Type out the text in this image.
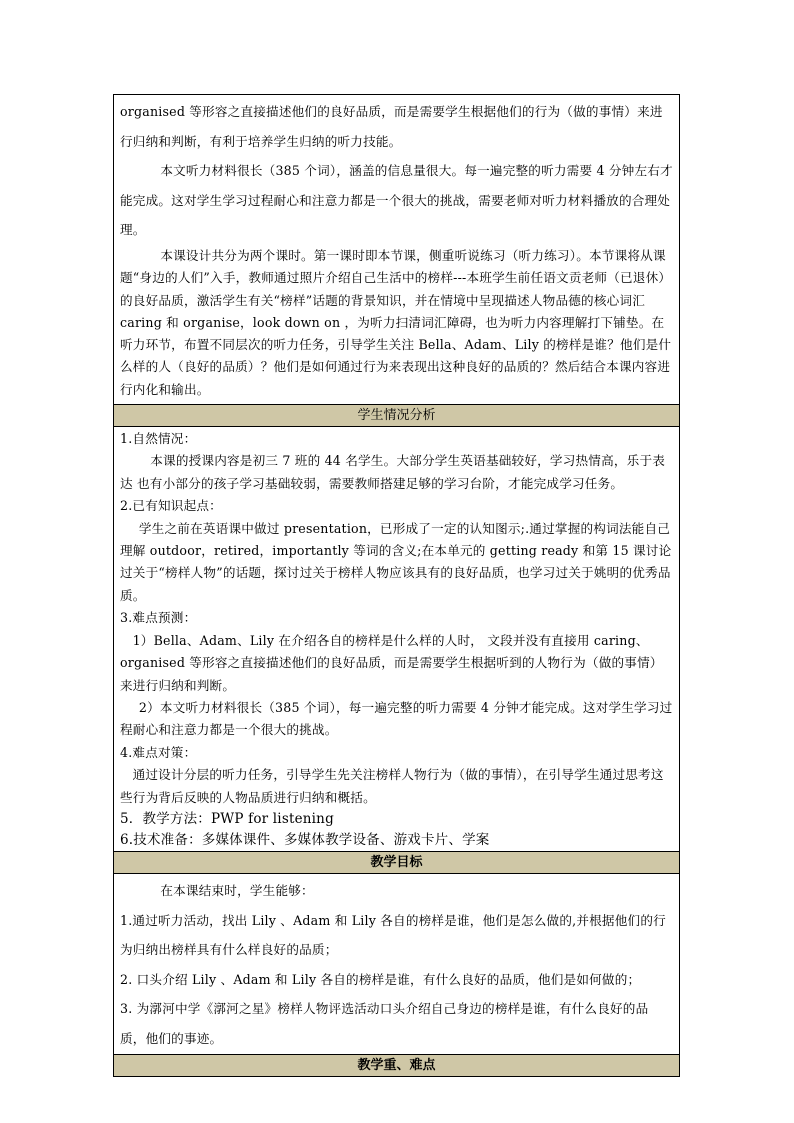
organised 等形容之直接描述他们的良好品质，而是需要学生根据他们的行为（做的事情）来进行归纳和判断，有利于培养学生归纳的听力技能。

本文听力材料很长（385 个词），涵盖的信息量很大。每一遍完整的听力需要 4 分钟左右才能完成。这对学生学习过程耐心和注意力都是一个很大的挑战，需要老师对听力材料播放的合理处理。

本课设计共分为两个课时。第一课时即本节课，侧重听说练习（听力练习）。本节课将从课题“身边的人们”入手，教师通过照片介绍自己生活中的榜样---本班学生前任语文贡老师（已退休）的良好品质，激活学生有关“榜样”话题的背景知识，并在情境中呈现描述人物品德的核心词汇 caring 和 organise，look down on ，为听力扫清词汇障碍，也为听力内容理解打下铺垫。在听力环节，布置不同层次的听力任务，引导学生关注 Bella、Adam、Lily 的榜样是谁？他们是什么样的人（良好的品质）？他们是如何通过行为来表现出这种良好的品质的？然后结合本课内容进行内化和输出。

学生情况分析

1.自然情况：

本课的授课内容是初三 7 班的 44 名学生。大部分学生英语基础较好，学习热情高，乐于表达 也有小部分的孩子学习基础较弱，需要教师搭建足够的学习台阶，才能完成学习任务。

2.已有知识起点：

学生之前在英语课中做过 presentation，已形成了一定的认知图示;.通过掌握的构词法能自己理解 outdoor，retired，importantly 等词的含义;在本单元的 getting ready 和第 15 课讨论过关于“榜样人物”的话题，探讨过关于榜样人物应该具有的良好品质，也学习过关于姚明的优秀品质。

3.难点预测：

1）Bella、Adam、Lily 在介绍各自的榜样是什么样的人时， 文段并没有直接用 caring、organised 等形容之直接描述他们的良好品质，而是需要学生根据听到的人物行为（做的事情）来进行归纳和判断。

2）本文听力材料很长（385 个词），每一遍完整的听力需要 4 分钟才能完成。这对学生学习过程耐心和注意力都是一个很大的挑战。

4.难点对策：

通过设计分层的听力任务，引导学生先关注榜样人物行为（做的事情），在引导学生通过思考这些行为背后反映的人物品质进行归纳和概括。

5．教学方法：PWP for listening

6.技术准备：多媒体课件、多媒体教学设备、游戏卡片、学案

教学目标

在本课结束时，学生能够：

1.通过听力活动，找出 Lily 、Adam 和 Lily 各自的榜样是谁，他们是怎么做的,并根据他们的行为归纳出榜样具有什么样良好的品质；

2. 口头介绍 Lily 、Adam 和 Lily 各自的榜样是谁，有什么良好的品质，他们是如何做的；

3. 为漷河中学《漷河之星》榜样人物评选活动口头介绍自己身边的榜样是谁，有什么良好的品质，他们的事迹。

教学重、难点
